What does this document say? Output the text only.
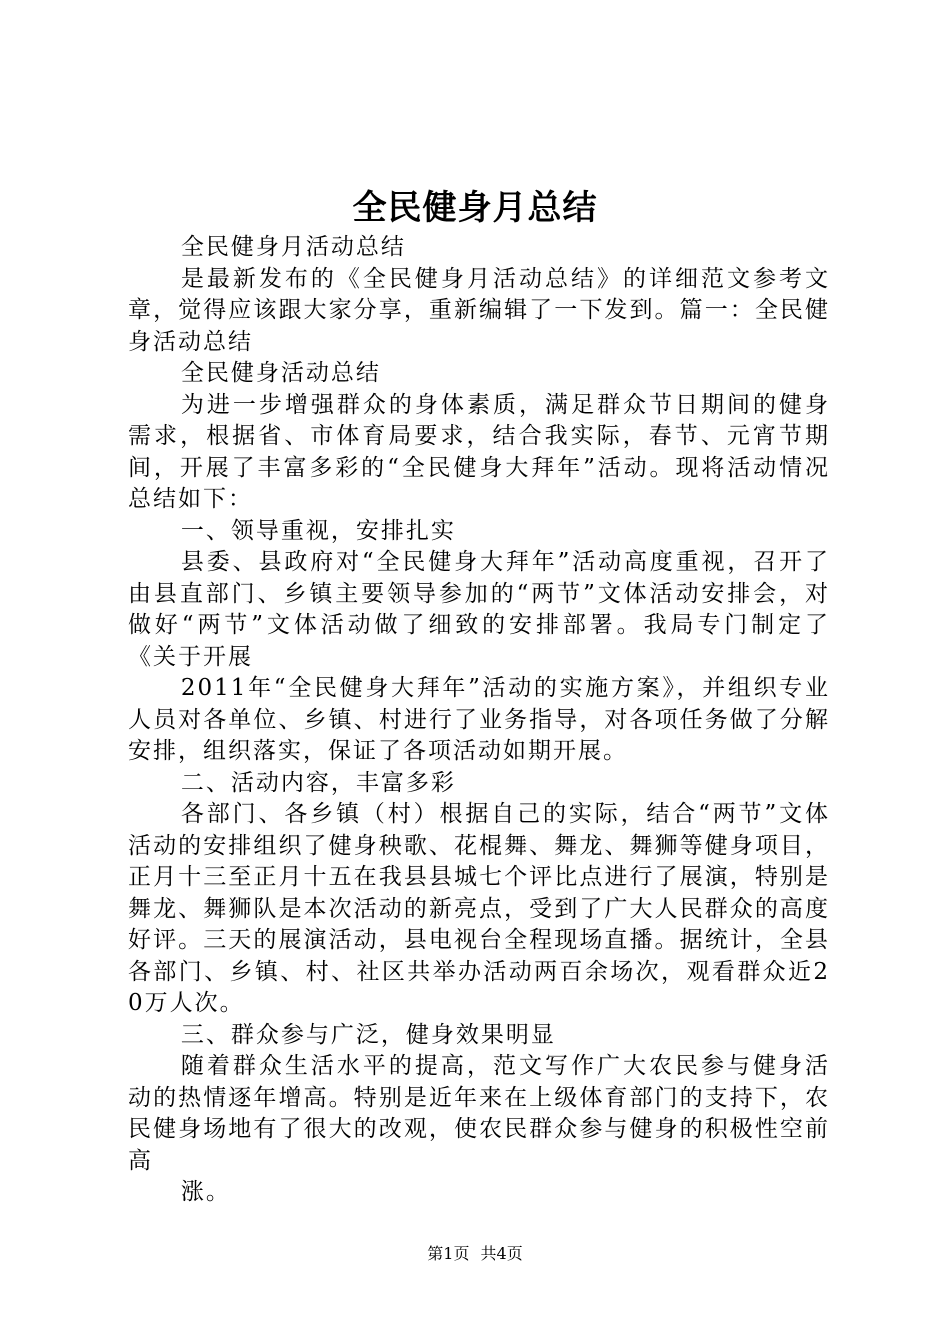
全民健身月总结

全民健身月活动总结

是最新发布的《全民健身月活动总结》的详细范文参考文章，觉得应该跟大家分享，重新编辑了一下发到。篇一：全民健身活动总结

全民健身活动总结

为进一步增强群众的身体素质，满足群众节日期间的健身需求，根据省、市体育局要求，结合我实际，春节、元宵节期间，开展了丰富多彩的“全民健身大拜年”活动。现将活动情况总结如下：

一、领导重视，安排扎实

县委、县政府对“全民健身大拜年”活动高度重视，召开了由县直部门、乡镇主要领导参加的“两节”文体活动安排会，对做好“两节”文体活动做了细致的安排部署。我局专门制定了《关于开展

2011年“全民健身大拜年”活动的实施方案》，并组织专业人员对各单位、乡镇、村进行了业务指导，对各项任务做了分解安排，组织落实，保证了各项活动如期开展。

二、活动内容，丰富多彩

各部门、各乡镇（村）根据自己的实际，结合“两节”文体活动的安排组织了健身秧歌、花棍舞、舞龙、舞狮等健身项目，正月十三至正月十五在我县县城七个评比点进行了展演，特别是舞龙、舞狮队是本次活动的新亮点，受到了广大人民群众的高度好评。三天的展演活动，县电视台全程现场直播。据统计，全县各部门、乡镇、村、社区共举办活动两百余场次，观看群众近20万人次。

三、群众参与广泛，健身效果明显

随着群众生活水平的提高，范文写作广大农民参与健身活动的热情逐年增高。特别是近年来在上级体育部门的支持下，农民健身场地有了很大的改观，使农民群众参与健身的积极性空前高

涨。

第1页 共4页
